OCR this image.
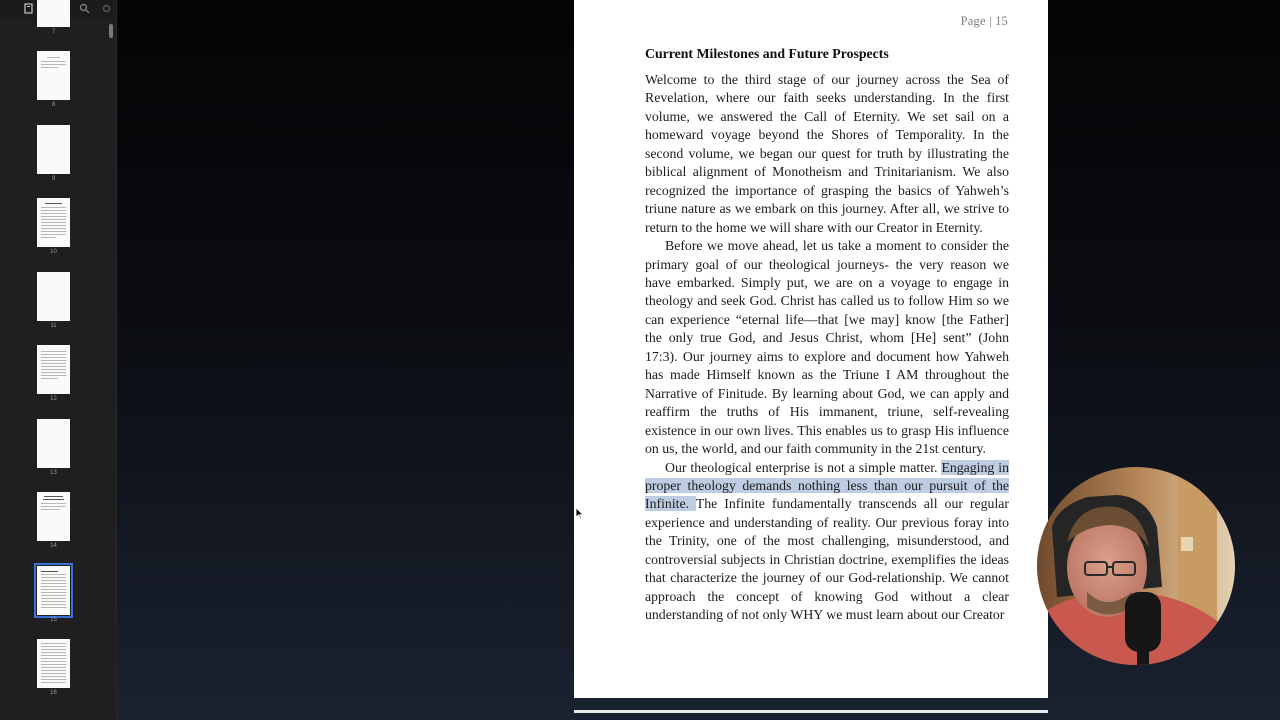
7
8
9
10
11
12
13
14
15
16
Page | 15
Current Milestones and Future Prospects

Welcome to the third stage of our journey across the Sea of Revelation, where our faith seeks understanding. In the first volume, we answered the Call of Eternity. We set sail on a homeward voyage beyond the Shores of Temporality. In the second volume, we began our quest for truth by illustrating the biblical alignment of Monotheism and Trinitarianism. We also recognized the importance of grasping the basics of Yahweh’s triune nature as we embark on this journey. After all, we strive to return to the home we will share with our Creator in Eternity.

Before we move ahead, let us take a moment to consider the primary goal of our theological journeys- the very reason we have embarked. Simply put, we are on a voyage to engage in theology and seek God. Christ has called us to follow Him so we can experience “eternal life—that [we may] know [the Father] the only true God, and Jesus Christ, whom [He] sent” (John 17:3). Our journey aims to explore and document how Yahweh has made Himself known as the Triune I AM throughout the Narrative of Finitude. By learning about God, we can apply and reaffirm the truths of His immanent, triune, self-revealing existence in our own lives. This enables us to grasp His influence on us, the world, and our faith community in the 21st century.

Our theological enterprise is not a simple matter. Engaging in proper theology demands nothing less than our pursuit of the Infinite. The Infinite fundamentally transcends all our regular experience and understanding of reality. Our previous foray into the Trinity, one of the most challenging, misunderstood, and controversial subjects in Christian doctrine, exemplifies the ideas that characterize the journey of our God-relationship. We cannot approach the concept of knowing God without a clear understanding of not only WHY we must learn about our Creator
